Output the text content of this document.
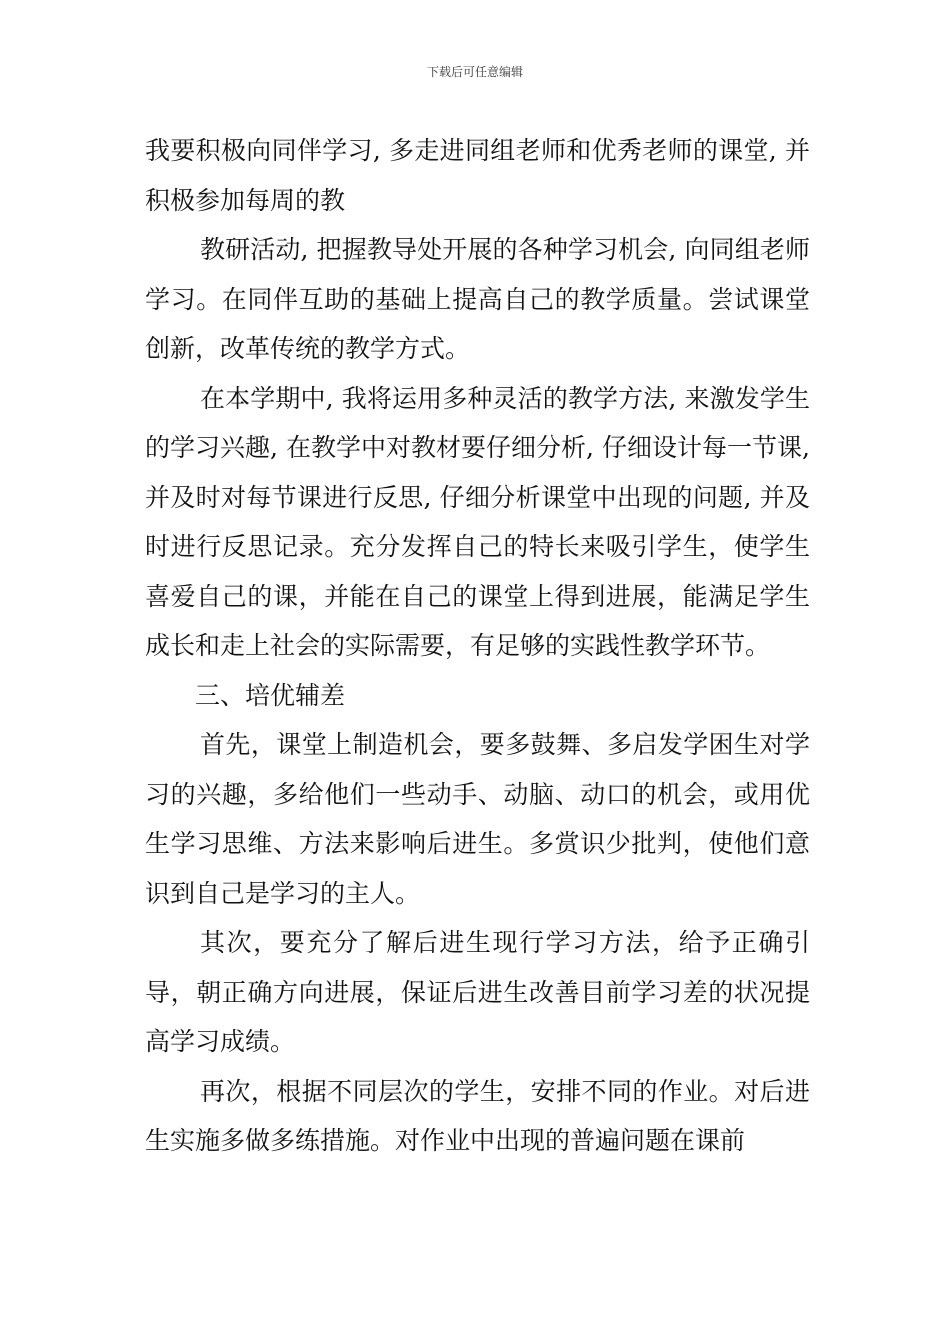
下载后可任意编辑

我要积极向同伴学习, 多走进同组老师和优秀老师的课堂, 并积极参加每周的教

教研活动, 把握教导处开展的各种学习机会, 向同组老师学习。在同伴互助的基础上提高自己的教学质量。尝试课堂创新，改革传统的教学方式。

在本学期中, 我将运用多种灵活的教学方法, 来激发学生的学习兴趣, 在教学中对教材要仔细分析, 仔细设计每一节课, 并及时对每节课进行反思, 仔细分析课堂中出现的问题, 并及时进行反思记录。充分发挥自己的特长来吸引学生，使学生喜爱自己的课，并能在自己的课堂上得到进展，能满足学生成长和走上社会的实际需要，有足够的实践性教学环节。

三、培优辅差

首先，课堂上制造机会，要多鼓舞、多启发学困生对学习的兴趣，多给他们一些动手、动脑、动口的机会，或用优生学习思维、方法来影响后进生。多赏识少批判，使他们意识到自己是学习的主人。

其次，要充分了解后进生现行学习方法，给予正确引导，朝正确方向进展，保证后进生改善目前学习差的状况提高学习成绩。

再次，根据不同层次的学生，安排不同的作业。对后进生实施多做多练措施。对作业中出现的普遍问题在课前
